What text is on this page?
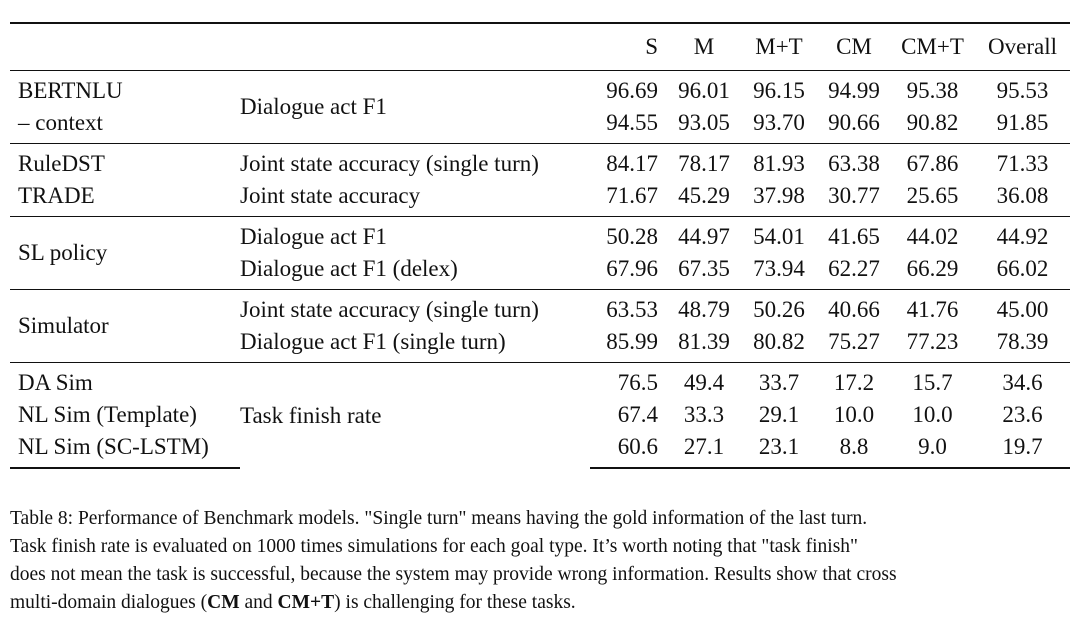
		S	M	M+T	CM	CM+T	Overall
BERTNLU	Dialogue act F1	96.69	96.01	96.15	94.99	95.38	95.53
– context		94.55	93.05	93.70	90.66	90.82	91.85
RuleDST	Joint state accuracy (single turn)	84.17	78.17	81.93	63.38	67.86	71.33
TRADE	Joint state accuracy	71.67	45.29	37.98	30.77	25.65	36.08
SL policy	Dialogue act F1	50.28	44.97	54.01	41.65	44.02	44.92
	Dialogue act F1 (delex)	67.96	67.35	73.94	62.27	66.29	66.02
Simulator	Joint state accuracy (single turn)	63.53	48.79	50.26	40.66	41.76	45.00
	Dialogue act F1 (single turn)	85.99	81.39	80.82	75.27	77.23	78.39
DA Sim	Task finish rate	76.5	49.4	33.7	17.2	15.7	34.6
NL Sim (Template)		67.4	33.3	29.1	10.0	10.0	23.6
NL Sim (SC-LSTM)		60.6	27.1	23.1	8.8	9.0	19.7
Table 8: Performance of Benchmark models. "Single turn" means having the gold information of the last turn.
Task finish rate is evaluated on 1000 times simulations for each goal type. It’s worth noting that "task finish"
does not mean the task is successful, because the system may provide wrong information. Results show that cross
multi-domain dialogues (CM and CM+T) is challenging for these tasks.
